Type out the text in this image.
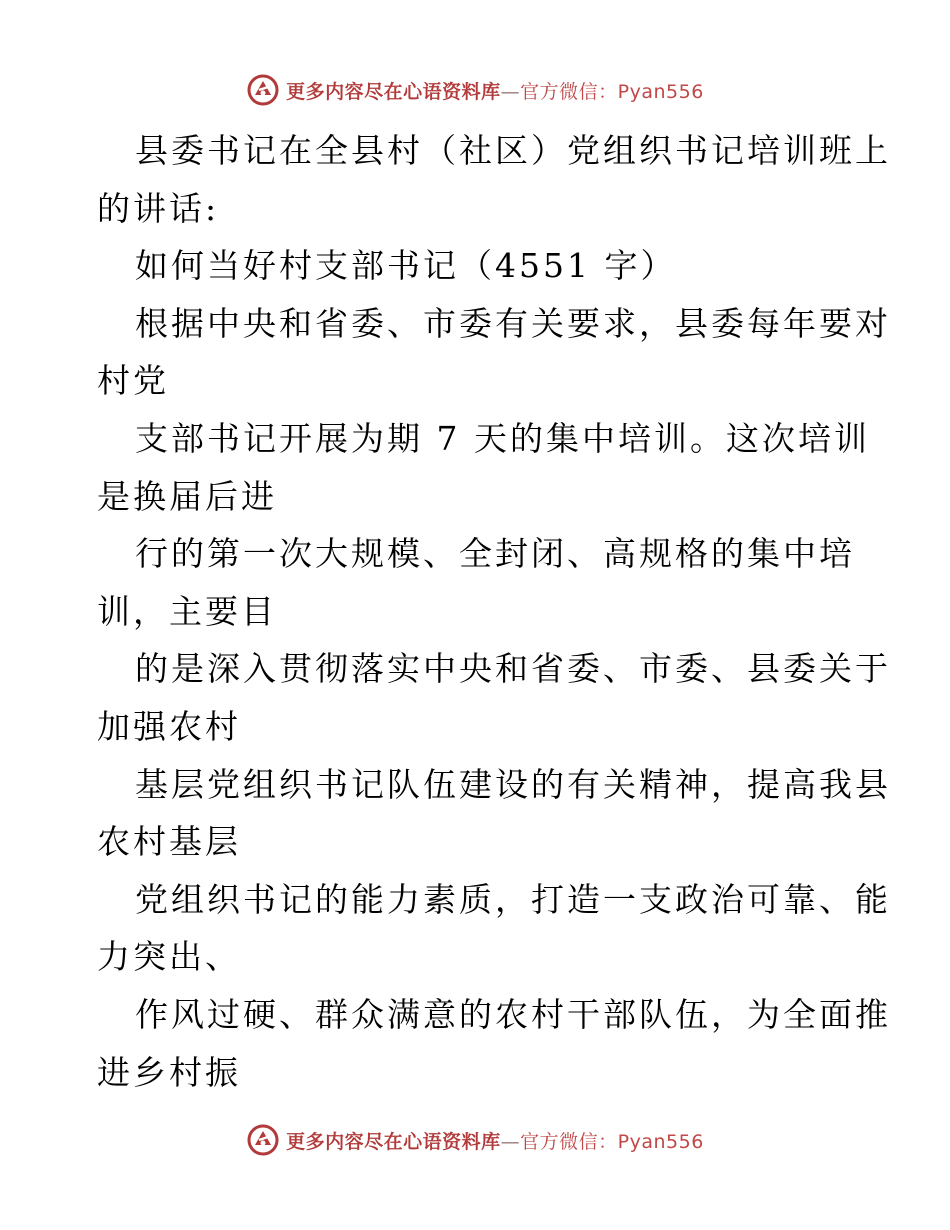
更多内容尽在心语资料库—官方微信：Pyan556
县委书记在全县村（社区）党组织书记培训班上
的讲话:
如何当好村支部书记（4551 字）
根据中央和省委、市委有关要求，县委每年要对
村党
支部书记开展为期 7 天的集中培训。这次培训
是换届后进
行的第一次大规模、全封闭、高规格的集中培
训，主要目
的是深入贯彻落实中央和省委、市委、县委关于
加强农村
基层党组织书记队伍建设的有关精神，提高我县
农村基层
党组织书记的能力素质，打造一支政治可靠、能
力突出、
作风过硬、群众满意的农村干部队伍，为全面推
进乡村振
更多内容尽在心语资料库—官方微信：Pyan556
